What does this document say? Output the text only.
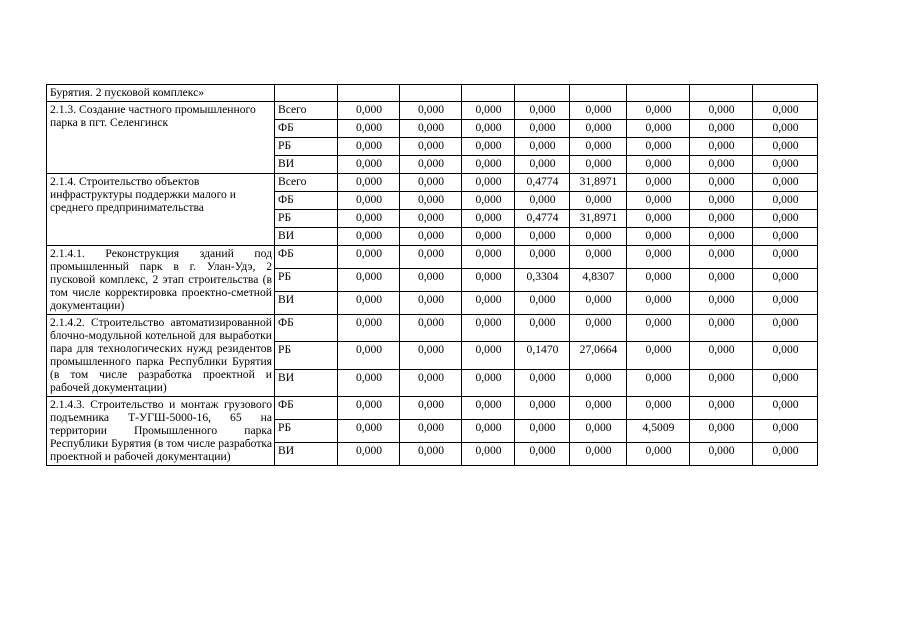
Бурятия. 2 пусковой комплекс»									
2.1.3. Создание частного промышленного парка в пгт. Селенгинск	Всего	0,000	0,000	0,000	0,000	0,000	0,000	0,000	0,000
	ФБ	0,000	0,000	0,000	0,000	0,000	0,000	0,000	0,000
	РБ	0,000	0,000	0,000	0,000	0,000	0,000	0,000	0,000
	ВИ	0,000	0,000	0,000	0,000	0,000	0,000	0,000	0,000
2.1.4. Строительство объектов инфраструктуры поддержки малого и среднего предпринимательства	Всего	0,000	0,000	0,000	0,4774	31,8971	0,000	0,000	0,000
	ФБ	0,000	0,000	0,000	0,000	0,000	0,000	0,000	0,000
	РБ	0,000	0,000	0,000	0,4774	31,8971	0,000	0,000	0,000
	ВИ	0,000	0,000	0,000	0,000	0,000	0,000	0,000	0,000
2.1.4.1. Реконструкция зданий под промышленный парк в г. Улан-Удэ, 2 пусковой комплекс, 2 этап строительства (в том числе корректировка проектно-сметной документации)	ФБ	0,000	0,000	0,000	0,000	0,000	0,000	0,000	0,000
	РБ	0,000	0,000	0,000	0,3304	4,8307	0,000	0,000	0,000
	ВИ	0,000	0,000	0,000	0,000	0,000	0,000	0,000	0,000
2.1.4.2. Строительство автоматизированной блочно-модульной котельной для выработки пара для технологических нужд резидентов промышленного парка Республики Бурятия (в том числе разработка проектной и рабочей документации)	ФБ	0,000	0,000	0,000	0,000	0,000	0,000	0,000	0,000
	РБ	0,000	0,000	0,000	0,1470	27,0664	0,000	0,000	0,000
	ВИ	0,000	0,000	0,000	0,000	0,000	0,000	0,000	0,000
2.1.4.3. Строительство и монтаж грузового подъемника Т-УГШ-5000-16, 65 на территории Промышленного парка Республики Бурятия (в том числе разработка проектной и рабочей документации)	ФБ	0,000	0,000	0,000	0,000	0,000	0,000	0,000	0,000
	РБ	0,000	0,000	0,000	0,000	0,000	4,5009	0,000	0,000
	ВИ	0,000	0,000	0,000	0,000	0,000	0,000	0,000	0,000
